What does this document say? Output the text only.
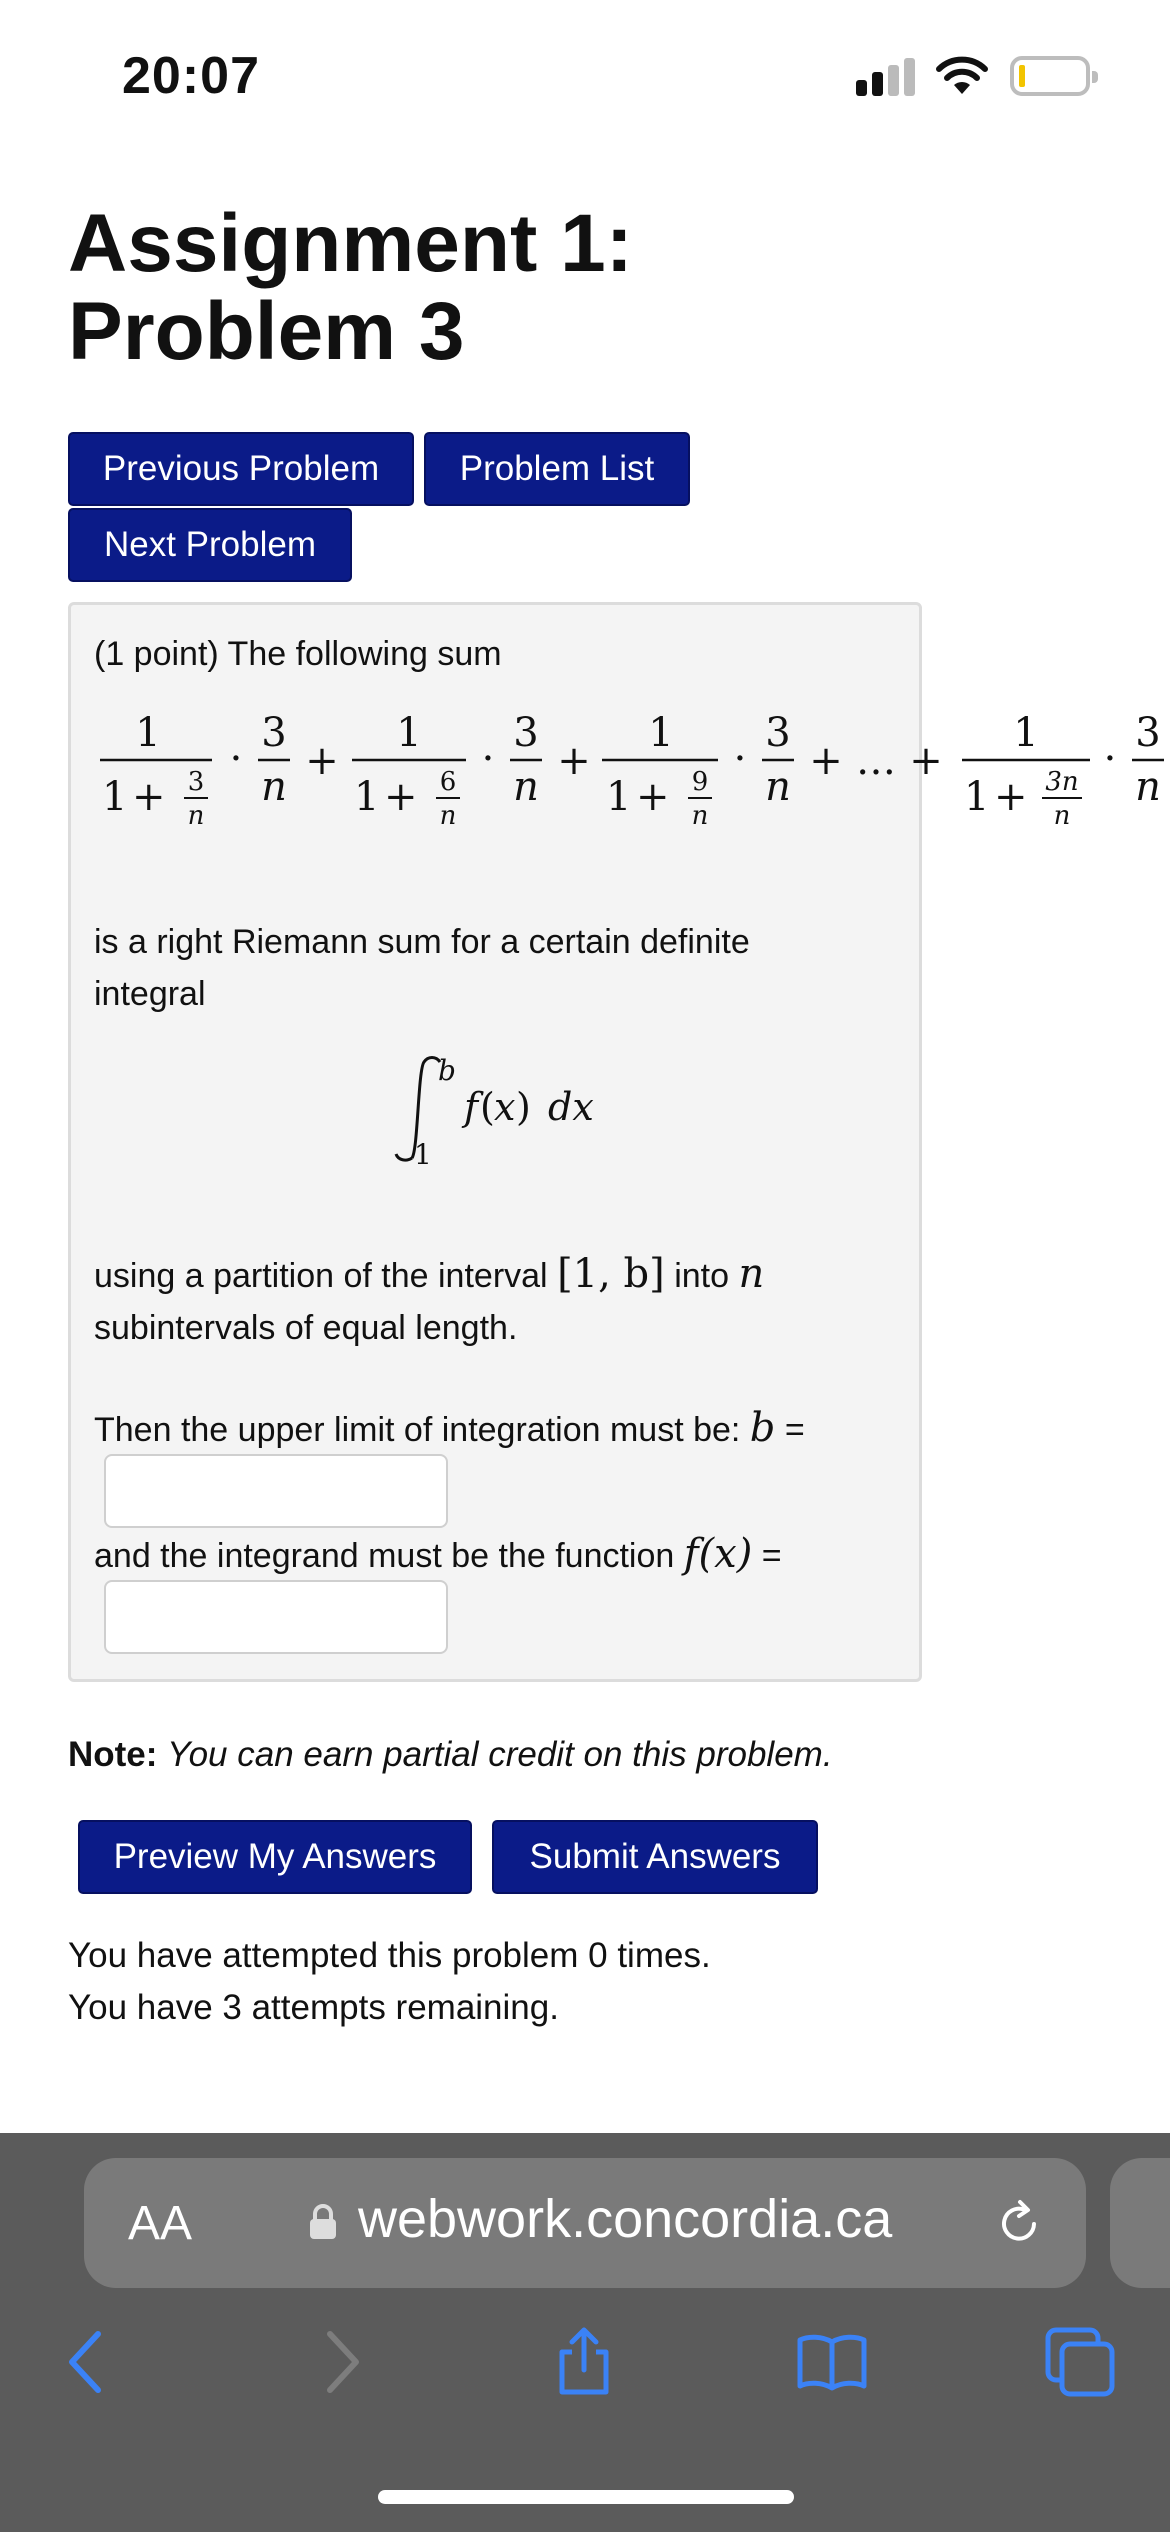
20:07
Assignment 1:
Problem 3
Previous Problem	Problem List
Next Problem
(1 point) The following sum
1
1 + 3
n
·
3
n
+
1
1 + 6
n
·
3
n
+
1
1 + 9
n
·
3
n
+ … +
1
1 + 3n
n
·
3
n
is a right Riemann sum for a certain definite
integral
b
1
f ( x ) dx
using a partition of the interval [1, b] into n
subintervals of equal length.
Then the upper limit of integration must be: b =
and the integrand must be the function f(x) =
Note: You can earn partial credit on this problem.
Preview My Answers	Submit Answers
You have attempted this problem 0 times.
You have 3 attempts remaining.
AA	webwork.concordia.ca
